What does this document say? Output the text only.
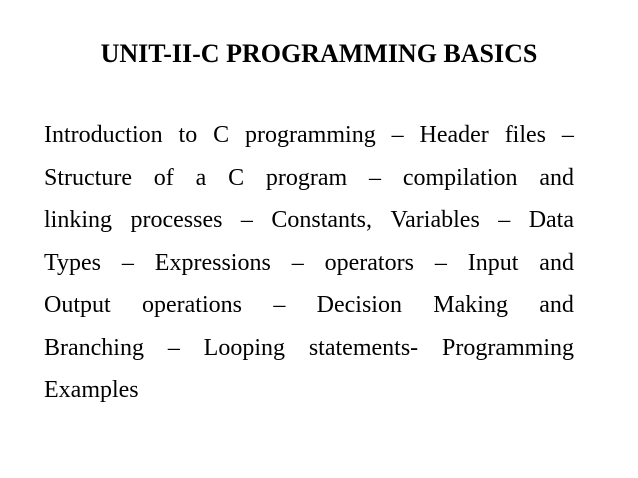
UNIT-II-C PROGRAMMING BASICS
Introduction to C programming – Header files –
Structure of a C program – compilation and
linking processes – Constants, Variables – Data
Types – Expressions – operators – Input and
Output operations – Decision Making and
Branching – Looping statements- Programming
Examples
